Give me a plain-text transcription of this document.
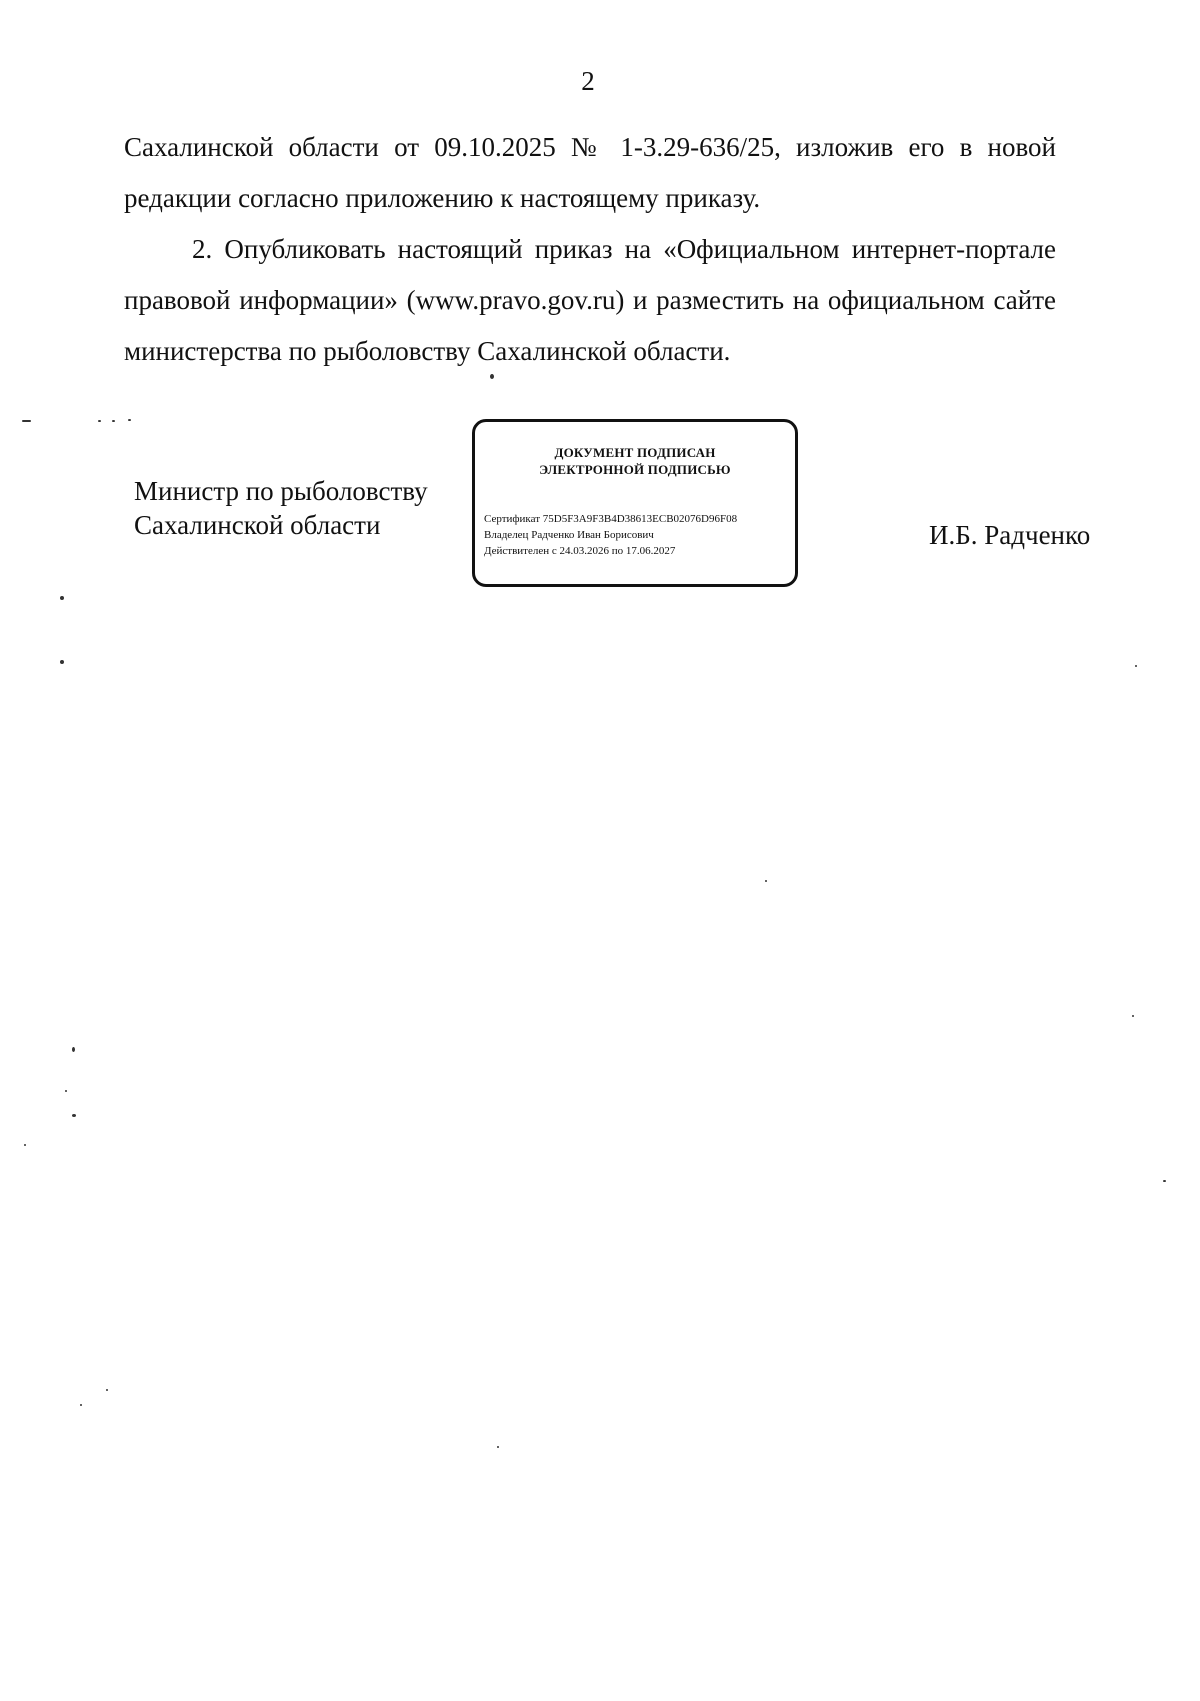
2

Сахалинской области от 09.10.2025 № 1-3.29-636/25, изложив его в новой редакции согласно приложению к настоящему приказу.

2. Опубликовать настоящий приказ на «Официальном интернет-портале правовой информации» (www.pravo.gov.ru) и разместить на официальном сайте министерства по рыболовству Сахалинской области.

Министр по рыболовству
Сахалинской области
ДОКУМЕНТ ПОДПИСАН
ЭЛЕКТРОННОЙ ПОДПИСЬЮ
Сертификат 75D5F3A9F3B4D38613ECB02076D96F08
Владелец Радченко Иван Борисович
Действителен с 24.03.2026 по 17.06.2027
И.Б. Радченко
